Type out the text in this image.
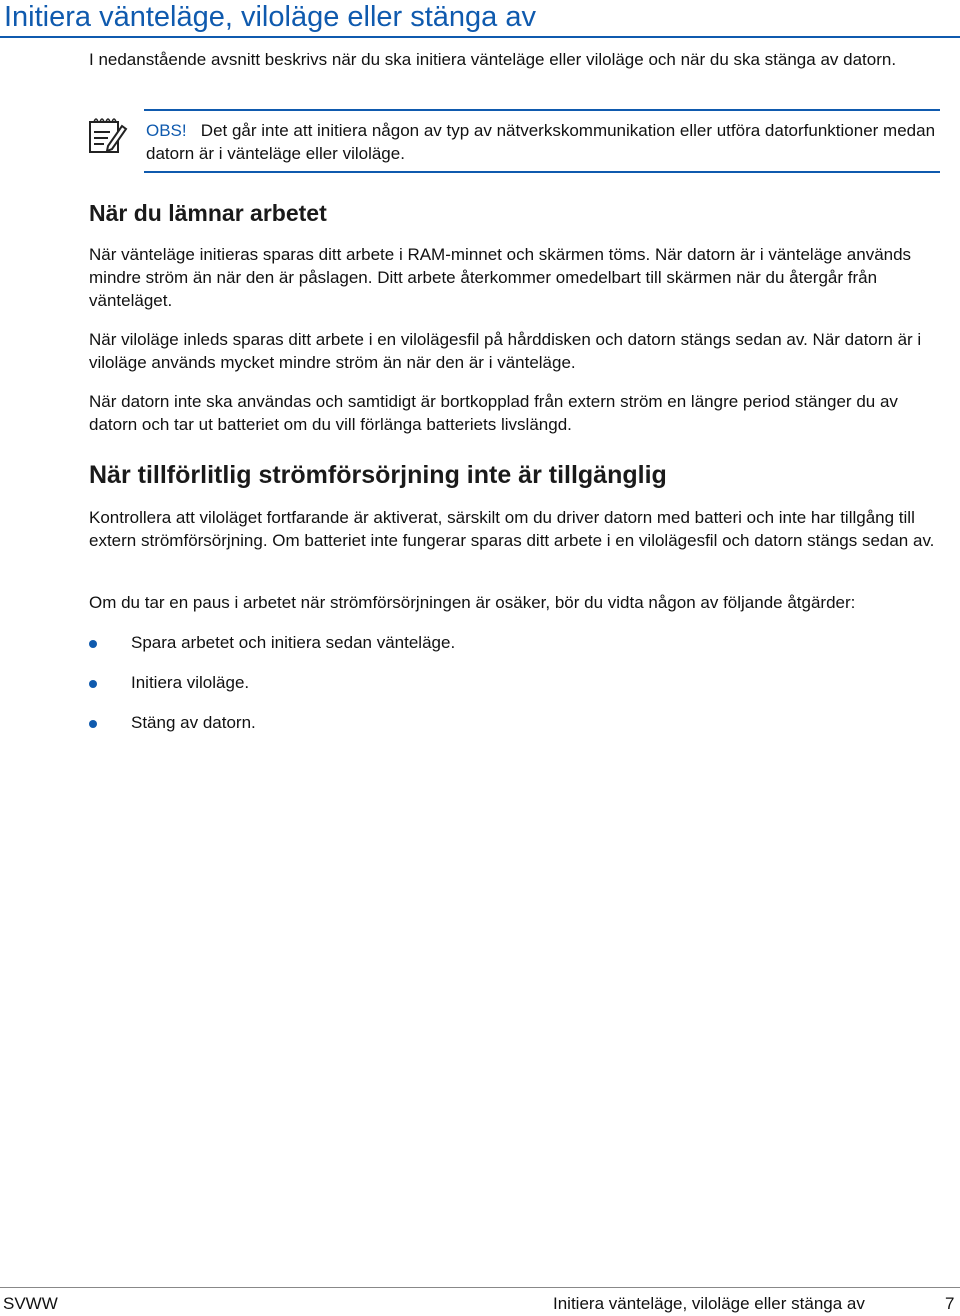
Initiera vänteläge, viloläge eller stänga av

I nedanstående avsnitt beskrivs när du ska initiera vänteläge eller viloläge och när du ska stänga av datorn.

OBS! Det går inte att initiera någon av typ av nätverkskommunikation eller utföra datorfunktioner medan datorn är i vänteläge eller viloläge.

När du lämnar arbetet

När vänteläge initieras sparas ditt arbete i RAM-minnet och skärmen töms. När datorn är i vänteläge används mindre ström än när den är påslagen. Ditt arbete återkommer omedelbart till skärmen när du återgår från vänteläget.

När viloläge inleds sparas ditt arbete i en vilolägesfil på hårddisken och datorn stängs sedan av. När datorn är i viloläge används mycket mindre ström än när den är i vänteläge.

När datorn inte ska användas och samtidigt är bortkopplad från extern ström en längre period stänger du av datorn och tar ut batteriet om du vill förlänga batteriets livslängd.

När tillförlitlig strömförsörjning inte är tillgänglig

Kontrollera att viloläget fortfarande är aktiverat, särskilt om du driver datorn med batteri och inte har tillgång till extern strömförsörjning. Om batteriet inte fungerar sparas ditt arbete i en vilolägesfil och datorn stängs sedan av.

Om du tar en paus i arbetet när strömförsörjningen är osäker, bör du vidta någon av följande åtgärder:

Spara arbetet och initiera sedan vänteläge.
Initiera viloläge.
Stäng av datorn.
SVWW	Initiera vänteläge, viloläge eller stänga av	7
